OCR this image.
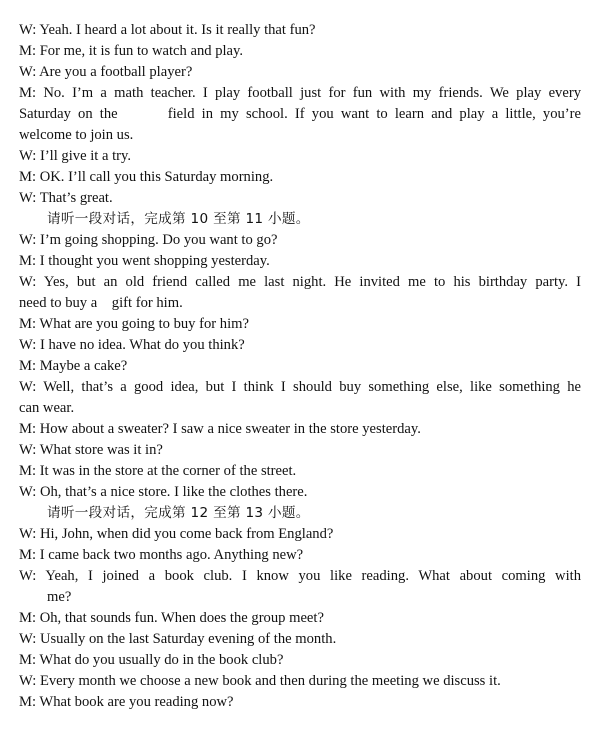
W: Yeah. I heard a lot about it. Is it really that fun?
M: For me, it is fun to watch and play.
W: Are you a football player?
M: No. I’m a math teacher. I play football just for fun with my friends. We play every
Saturday on the       field in my school. If you want to learn and play a little, you’re
welcome to join us.
W: I’ll give it a try.
M: OK. I’ll call you this Saturday morning.
W: That’s great.
请听一段对话，完成第 10 至第 11 小题。
W: I’m going shopping. Do you want to go?
M: I thought you went shopping yesterday.
W: Yes, but an old friend called me last night. He invited me to his birthday party. I
need to buy a    gift for him.
M: What are you going to buy for him?
W: I have no idea. What do you think?
M: Maybe a cake?
W: Well, that’s a good idea, but I think I should buy something else, like something he
can wear.
M: How about a sweater? I saw a nice sweater in the store yesterday.
W: What store was it in?
M: It was in the store at the corner of the street.
W: Oh, that’s a nice store. I like the clothes there.
请听一段对话，完成第 12 至第 13 小题。
W: Hi, John, when did you come back from England?
M: I came back two months ago. Anything new?
W: Yeah, I joined a book club. I know you like reading. What about coming with
me?
M: Oh, that sounds fun. When does the group meet?
W: Usually on the last Saturday evening of the month.
M: What do you usually do in the book club?
W: Every month we choose a new book and then during the meeting we discuss it.
M: What book are you reading now?
